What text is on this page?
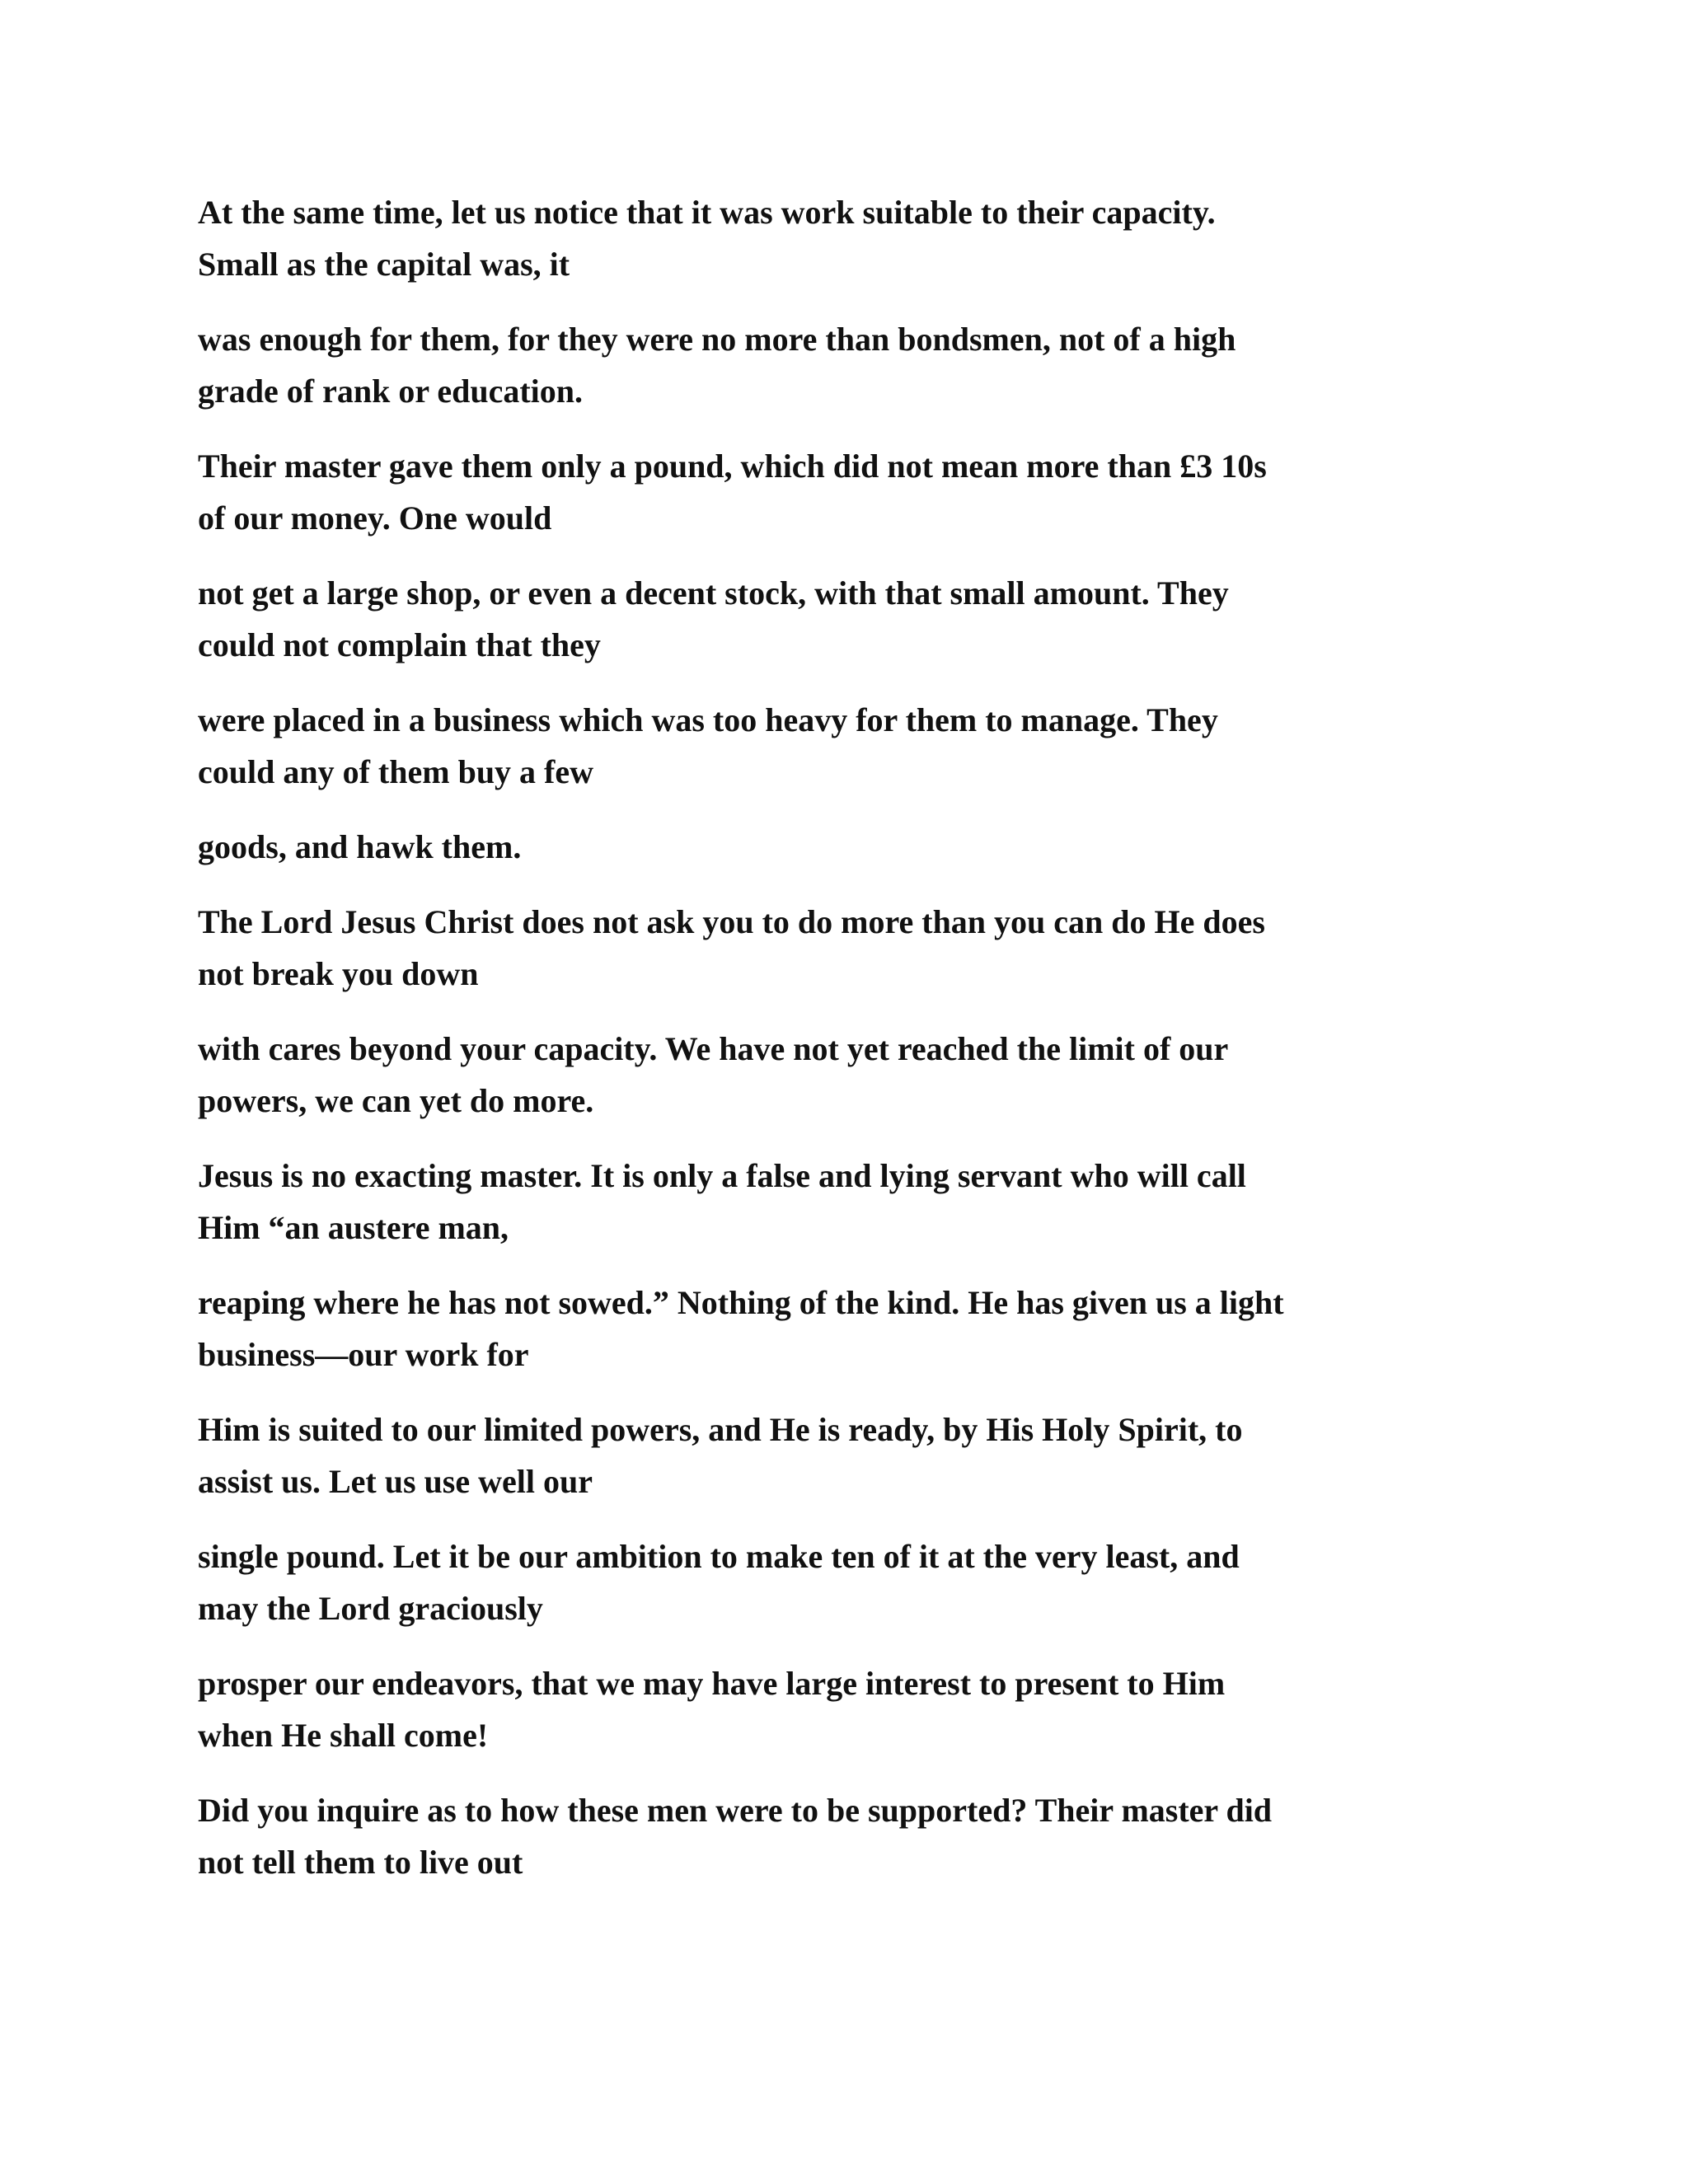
At the same time, let us notice that it was work suitable to their capacity.
Small as the capital was, it

was enough for them, for they were no more than bondsmen, not of a high
grade of rank or education.

Their master gave them only a pound, which did not mean more than £3 10s
of our money. One would

not get a large shop, or even a decent stock, with that small amount. They
could not complain that they

were placed in a business which was too heavy for them to manage. They
could any of them buy a few

goods, and hawk them.

The Lord Jesus Christ does not ask you to do more than you can do He does
not break you down

with cares beyond your capacity. We have not yet reached the limit of our
powers, we can yet do more.

Jesus is no exacting master. It is only a false and lying servant who will call
Him “an austere man,

reaping where he has not sowed.” Nothing of the kind. He has given us a light
business—our work for

Him is suited to our limited powers, and He is ready, by His Holy Spirit, to
assist us. Let us use well our

single pound. Let it be our ambition to make ten of it at the very least, and
may the Lord graciously

prosper our endeavors, that we may have large interest to present to Him
when He shall come!

Did you inquire as to how these men were to be supported? Their master did
not tell them to live out
